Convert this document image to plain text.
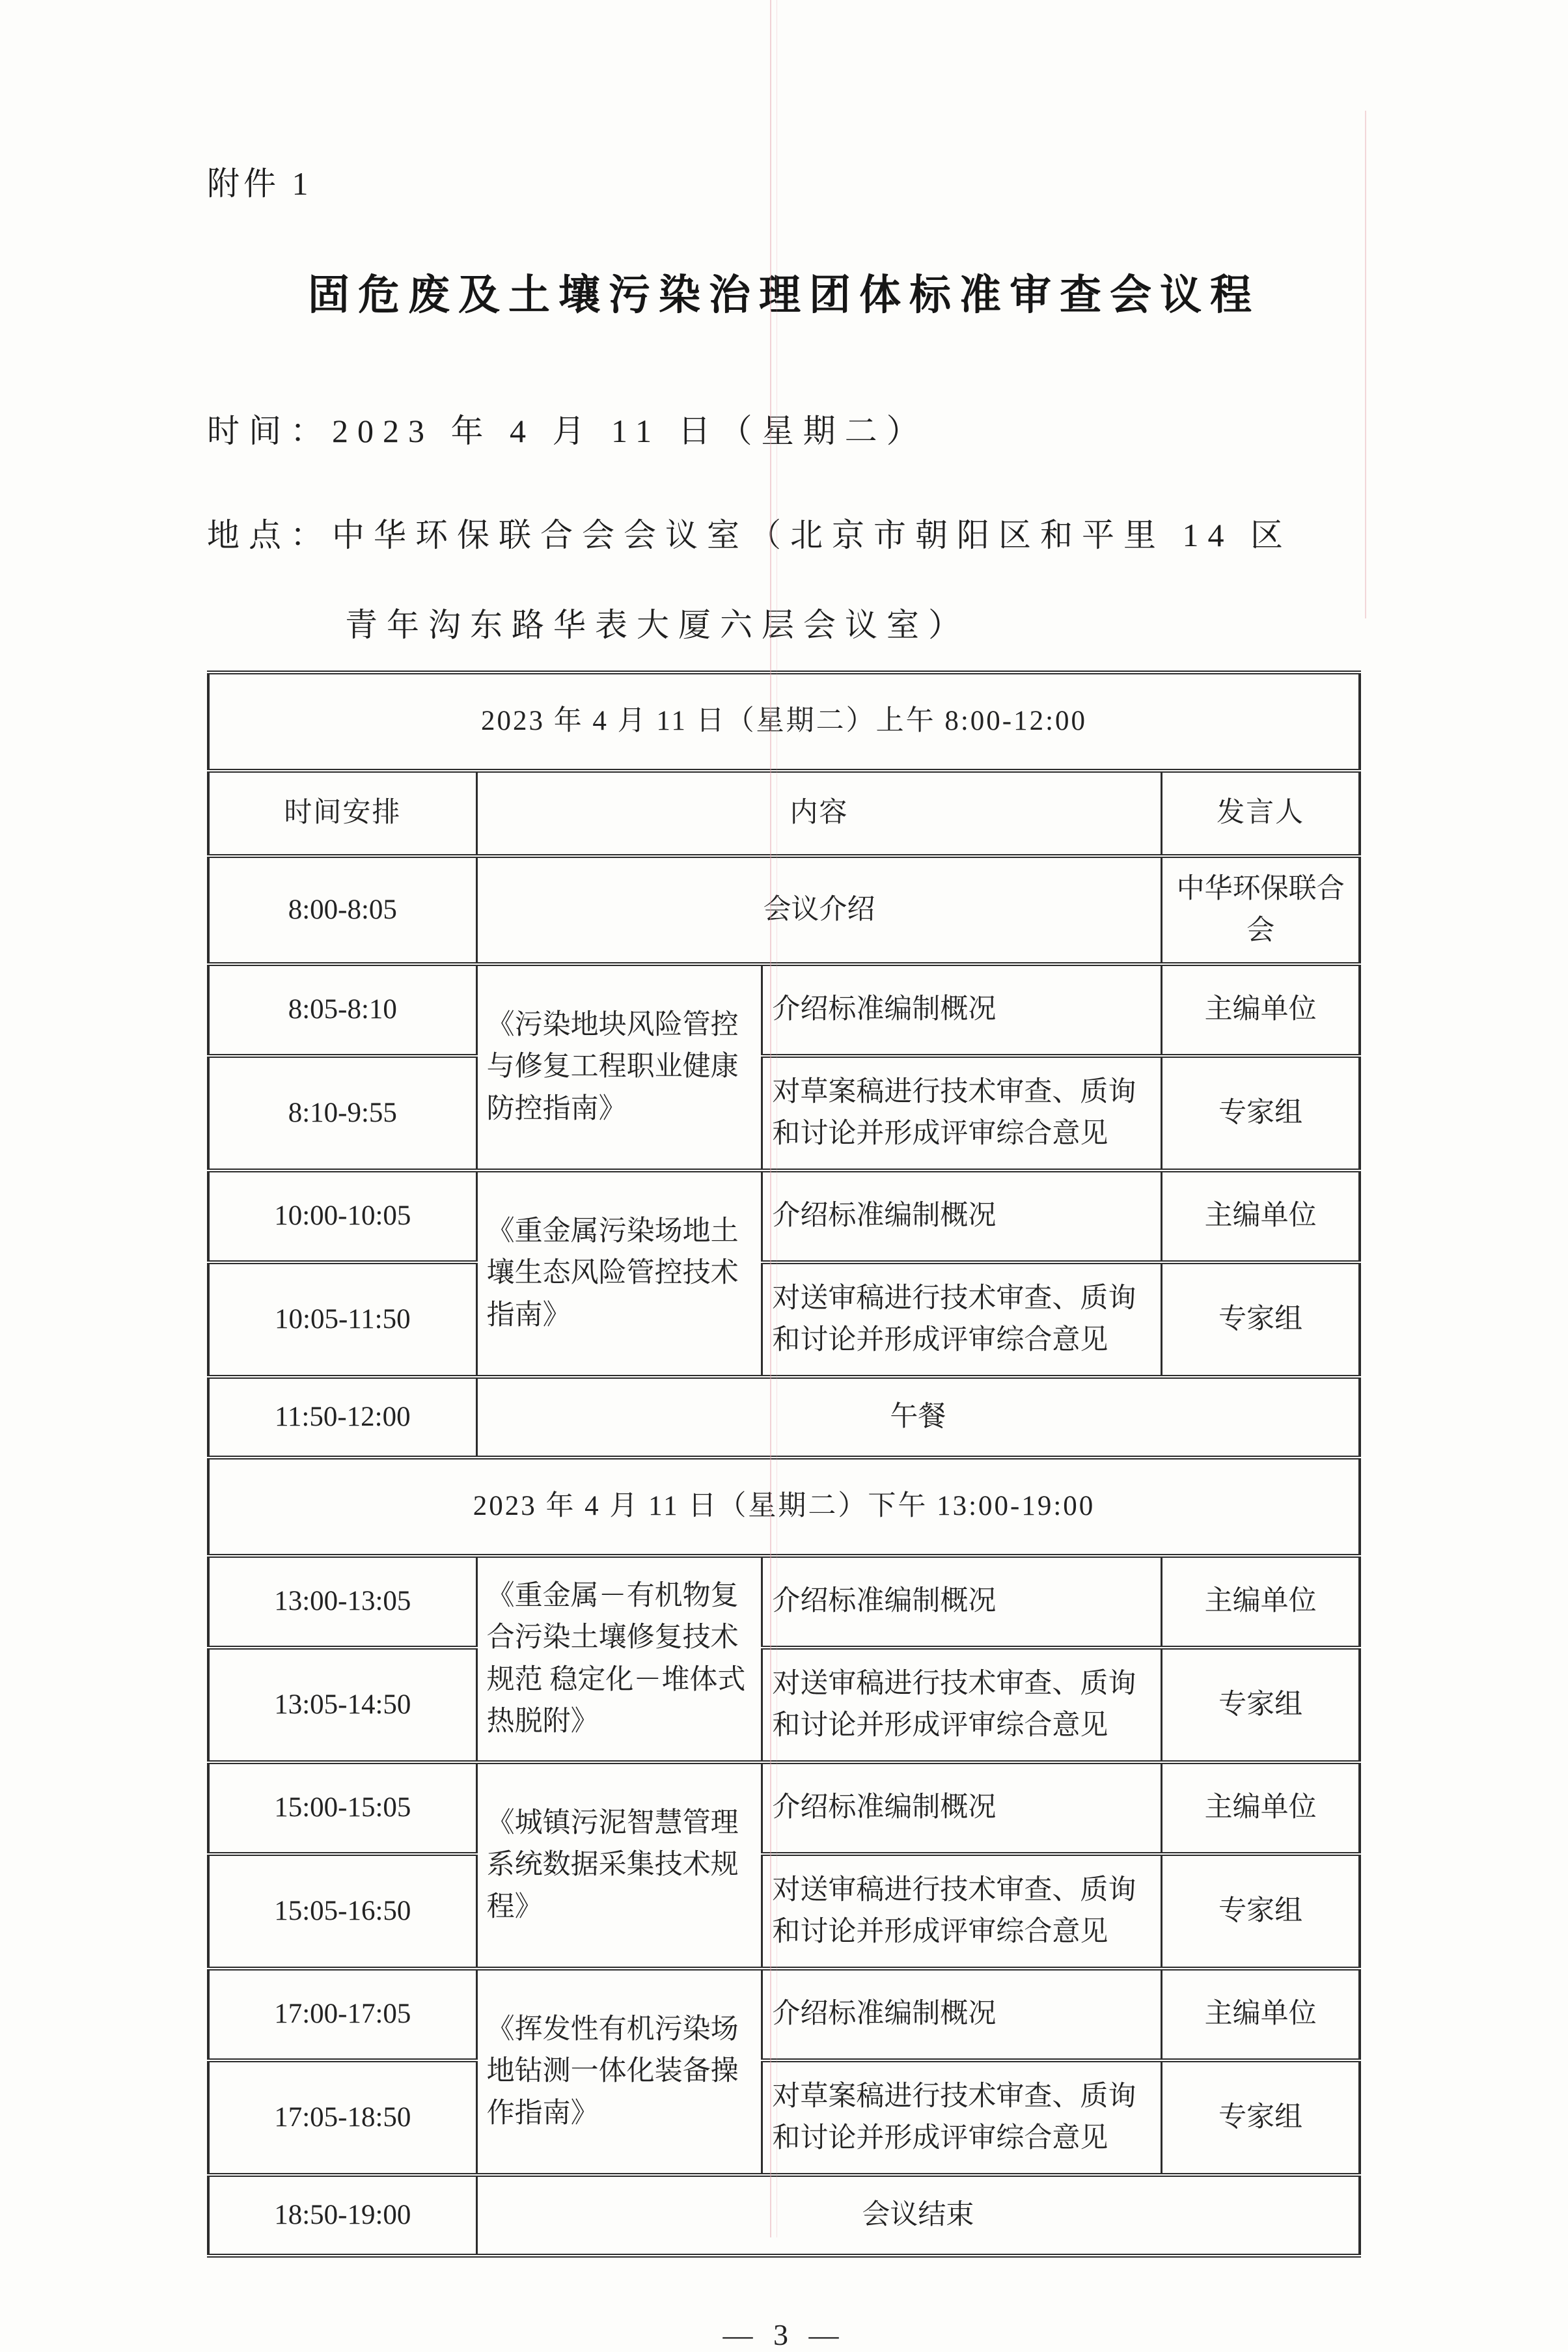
附件 1
固危废及土壤污染治理团体标准审查会议程
时间：2023 年 4 月 11 日（星期二）
地点：中华环保联合会会议室（北京市朝阳区和平里 14 区
青年沟东路华表大厦六层会议室）
2023 年 4 月 11 日（星期二）上午 8:00-12:00			
时间安排	内容		发言人
8:00-8:05	会议介绍		中华环保联合会
8:05-8:10	《污染地块风险管控与修复工程职业健康防控指南》	介绍标准编制概况	主编单位
8:10-9:55		对草案稿进行技术审查、质询和讨论并形成评审综合意见	专家组
10:00-10:05	《重金属污染场地土壤生态风险管控技术指南》	介绍标准编制概况	主编单位
10:05-11:50		对送审稿进行技术审查、质询和讨论并形成评审综合意见	专家组
11:50-12:00	午餐		
2023 年 4 月 11 日（星期二）下午 13:00-19:00			
13:00-13:05	《重金属－有机物复合污染土壤修复技术规范 稳定化－堆体式热脱附》	介绍标准编制概况	主编单位
13:05-14:50		对送审稿进行技术审查、质询和讨论并形成评审综合意见	专家组
15:00-15:05	《城镇污泥智慧管理系统数据采集技术规程》	介绍标准编制概况	主编单位
15:05-16:50		对送审稿进行技术审查、质询和讨论并形成评审综合意见	专家组
17:00-17:05	《挥发性有机污染场地钻测一体化装备操作指南》	介绍标准编制概况	主编单位
17:05-18:50		对草案稿进行技术审查、质询和讨论并形成评审综合意见	专家组
18:50-19:00	会议结束		
— 3 —
